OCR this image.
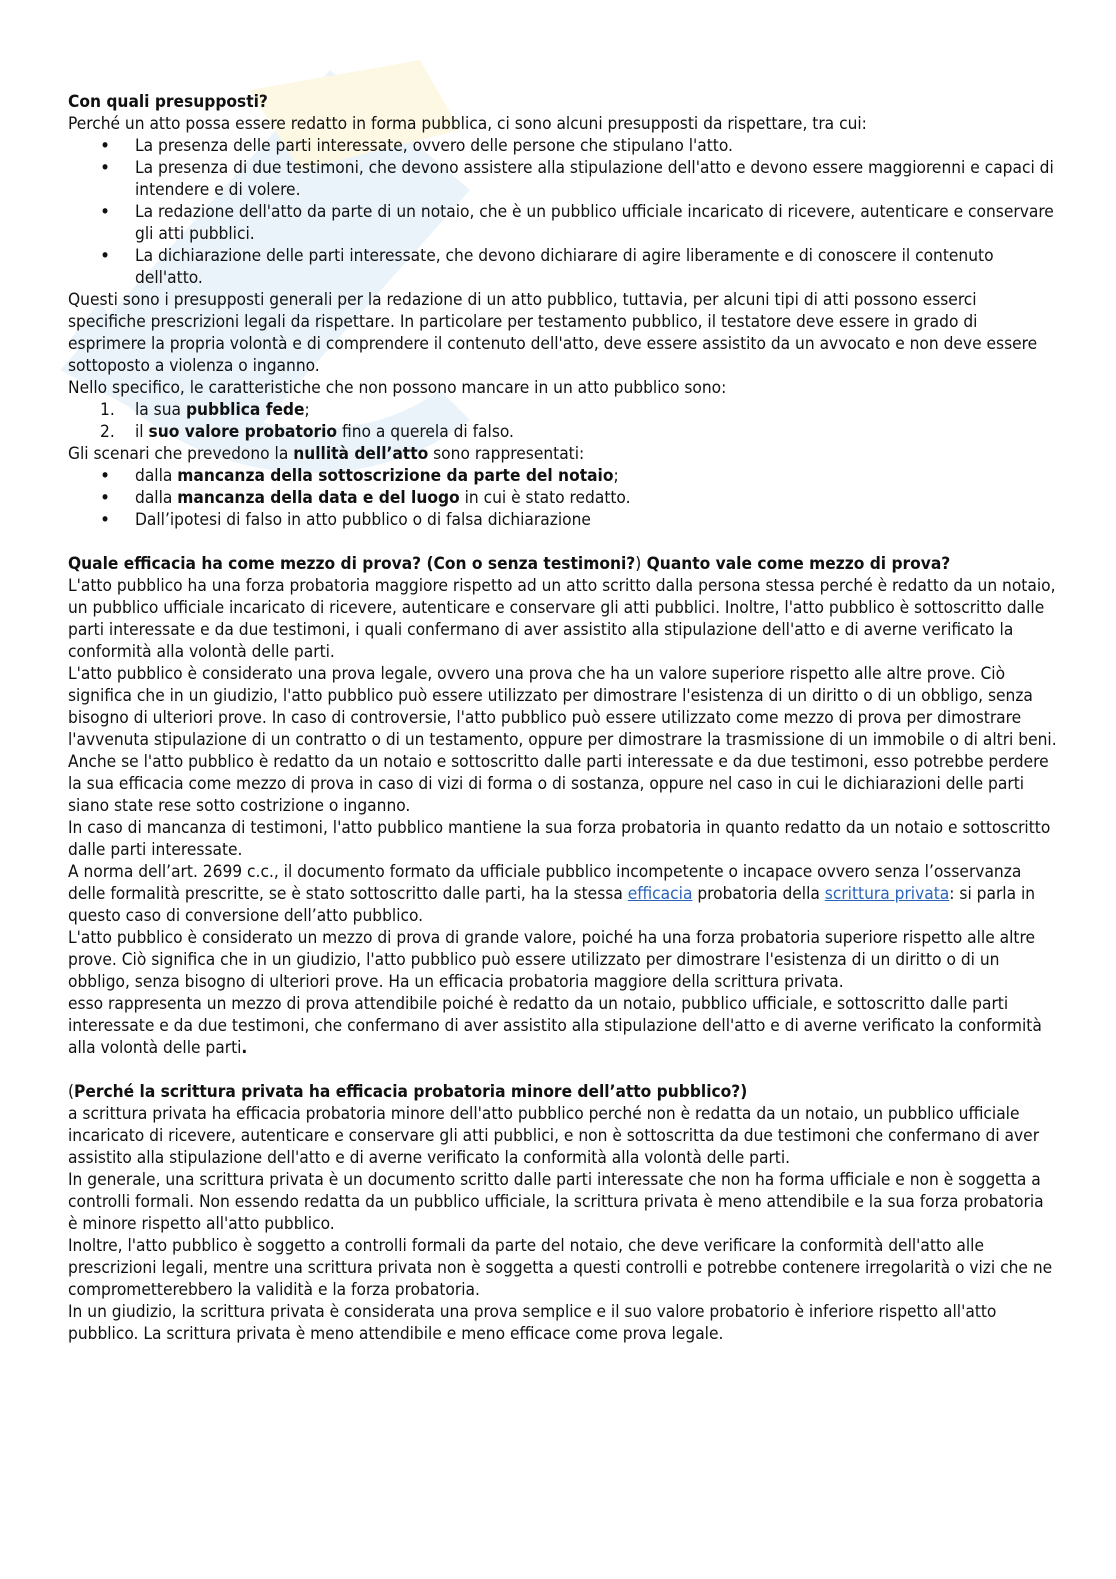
Con quali presupposti?

Perché un atto possa essere redatto in forma pubblica, ci sono alcuni presupposti da rispettare, tra cui:

• La presenza delle parti interessate, ovvero delle persone che stipulano l'atto.
• La presenza di due testimoni, che devono assistere alla stipulazione dell'atto e devono essere maggiorenni e capaci di intendere e di volere.
• La redazione dell'atto da parte di un notaio, che è un pubblico ufficiale incaricato di ricevere, autenticare e conservare gli atti pubblici.
• La dichiarazione delle parti interessate, che devono dichiarare di agire liberamente e di conoscere il contenuto dell'atto.

Questi sono i presupposti generali per la redazione di un atto pubblico, tuttavia, per alcuni tipi di atti possono esserci specifiche prescrizioni legali da rispettare. In particolare per testamento pubblico, il testatore deve essere in grado di esprimere la propria volontà e di comprendere il contenuto dell'atto, deve essere assistito da un avvocato e non deve essere sottoposto a violenza o inganno.

Nello specifico, le caratteristiche che non possono mancare in un atto pubblico sono:

1. la sua pubblica fede;
2. il suo valore probatorio fino a querela di falso.

Gli scenari che prevedono la nullità dell’atto sono rappresentati:

• dalla mancanza della sottoscrizione da parte del notaio;
• dalla mancanza della data e del luogo in cui è stato redatto.
• Dall’ipotesi di falso in atto pubblico o di falsa dichiarazione
Quale efficacia ha come mezzo di prova? (Con o senza testimoni?) Quanto vale come mezzo di prova?

L'atto pubblico ha una forza probatoria maggiore rispetto ad un atto scritto dalla persona stessa perché è redatto da un notaio, un pubblico ufficiale incaricato di ricevere, autenticare e conservare gli atti pubblici. Inoltre, l'atto pubblico è sottoscritto dalle parti interessate e da due testimoni, i quali confermano di aver assistito alla stipulazione dell'atto e di averne verificato la conformità alla volontà delle parti.

L'atto pubblico è considerato una prova legale, ovvero una prova che ha un valore superiore rispetto alle altre prove. Ciò significa che in un giudizio, l'atto pubblico può essere utilizzato per dimostrare l'esistenza di un diritto o di un obbligo, senza bisogno di ulteriori prove. In caso di controversie, l'atto pubblico può essere utilizzato come mezzo di prova per dimostrare l'avvenuta stipulazione di un contratto o di un testamento, oppure per dimostrare la trasmissione di un immobile o di altri beni.

Anche se l'atto pubblico è redatto da un notaio e sottoscritto dalle parti interessate e da due testimoni, esso potrebbe perdere la sua efficacia come mezzo di prova in caso di vizi di forma o di sostanza, oppure nel caso in cui le dichiarazioni delle parti siano state rese sotto costrizione o inganno.

In caso di mancanza di testimoni, l'atto pubblico mantiene la sua forza probatoria in quanto redatto da un notaio e sottoscritto dalle parti interessate.

A norma dell’art. 2699 c.c., il documento formato da ufficiale pubblico incompetente o incapace ovvero senza l’osservanza delle formalità prescritte, se è stato sottoscritto dalle parti, ha la stessa efficacia probatoria della scrittura privata: si parla in questo caso di conversione dell’atto pubblico.

L'atto pubblico è considerato un mezzo di prova di grande valore, poiché ha una forza probatoria superiore rispetto alle altre prove. Ciò significa che in un giudizio, l'atto pubblico può essere utilizzato per dimostrare l'esistenza di un diritto o di un obbligo, senza bisogno di ulteriori prove. Ha un efficacia probatoria maggiore della scrittura privata.

esso rappresenta un mezzo di prova attendibile poiché è redatto da un notaio, pubblico ufficiale, e sottoscritto dalle parti interessate e da due testimoni, che confermano di aver assistito alla stipulazione dell'atto e di averne verificato la conformità alla volontà delle parti.

(Perché la scrittura privata ha efficacia probatoria minore dell’atto pubblico?)

a scrittura privata ha efficacia probatoria minore dell'atto pubblico perché non è redatta da un notaio, un pubblico ufficiale incaricato di ricevere, autenticare e conservare gli atti pubblici, e non è sottoscritta da due testimoni che confermano di aver assistito alla stipulazione dell'atto e di averne verificato la conformità alla volontà delle parti.

In generale, una scrittura privata è un documento scritto dalle parti interessate che non ha forma ufficiale e non è soggetta a controlli formali. Non essendo redatta da un pubblico ufficiale, la scrittura privata è meno attendibile e la sua forza probatoria è minore rispetto all'atto pubblico.

Inoltre, l'atto pubblico è soggetto a controlli formali da parte del notaio, che deve verificare la conformità dell'atto alle prescrizioni legali, mentre una scrittura privata non è soggetta a questi controlli e potrebbe contenere irregolarità o vizi che ne comprometterebbero la validità e la forza probatoria.

In un giudizio, la scrittura privata è considerata una prova semplice e il suo valore probatorio è inferiore rispetto all'atto pubblico. La scrittura privata è meno attendibile e meno efficace come prova legale.
